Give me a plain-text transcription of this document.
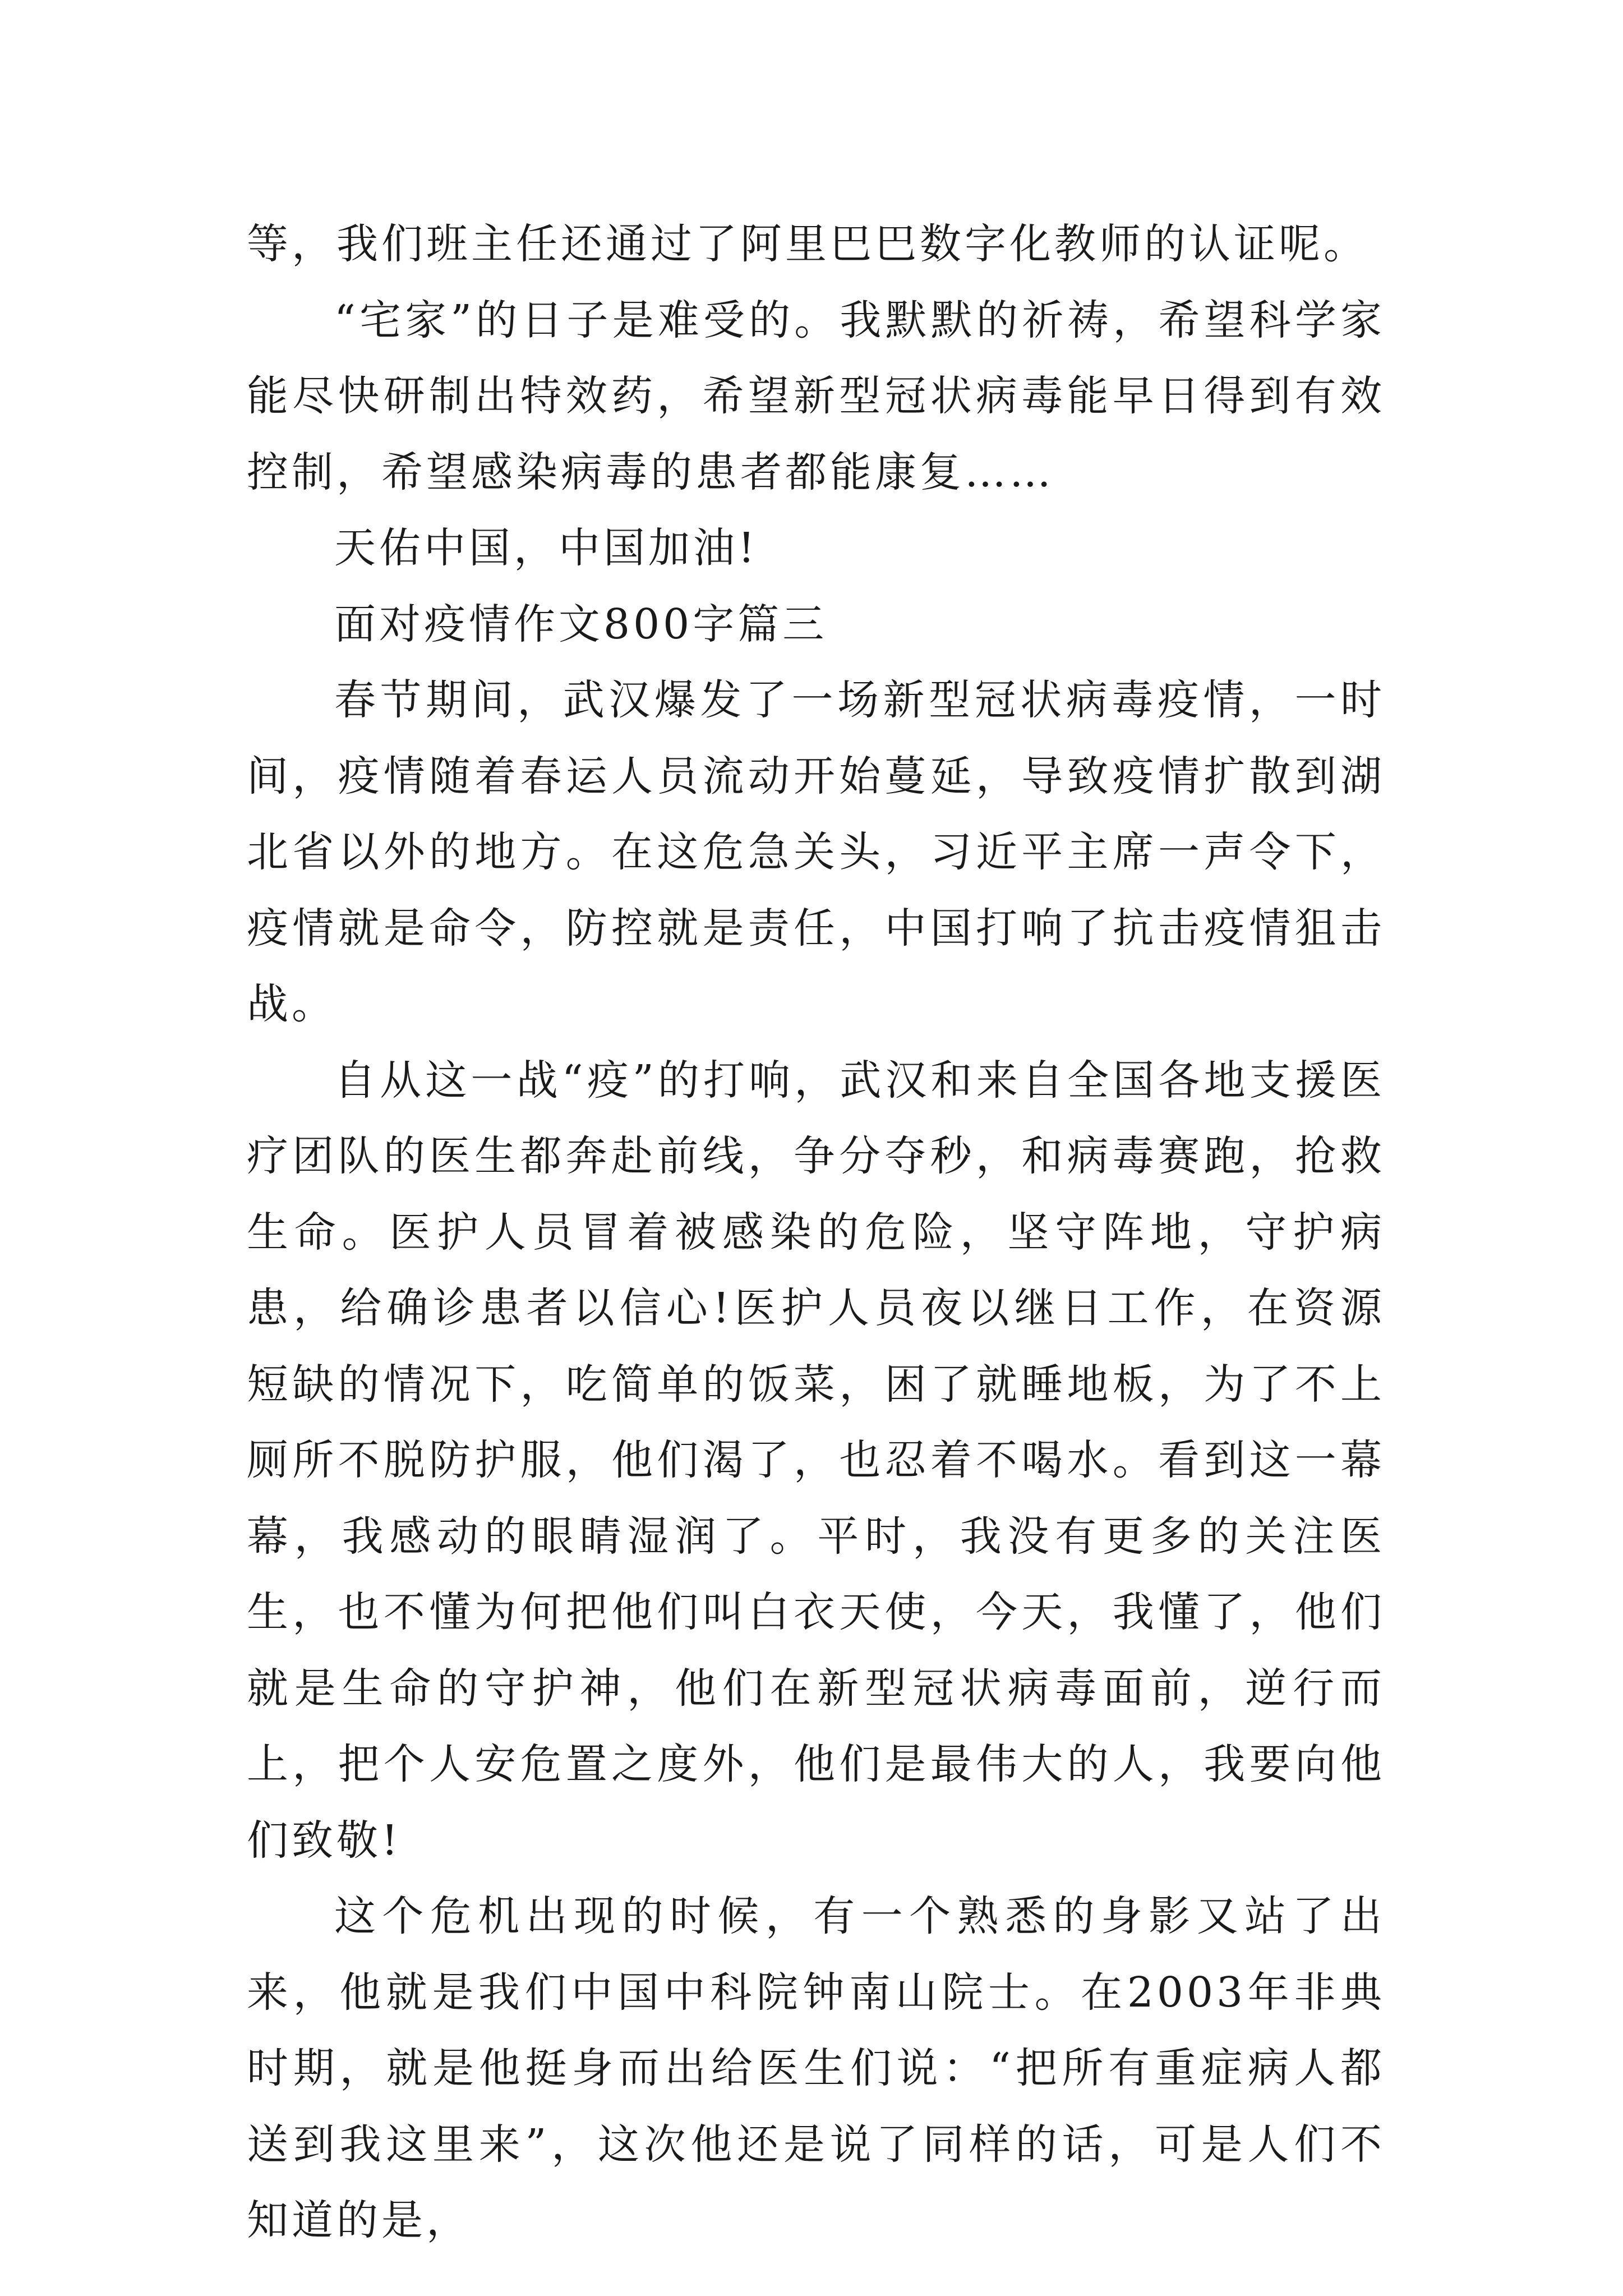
等，我们班主任还通过了阿里巴巴数字化教师的认证呢。

“宅家”的日子是难受的。我默默的祈祷，希望科学家能尽快研制出特效药，希望新型冠状病毒能早日得到有效控制，希望感染病毒的患者都能康复……

天佑中国，中国加油!

面对疫情作文800字篇三

春节期间，武汉爆发了一场新型冠状病毒疫情，一时间，疫情随着春运人员流动开始蔓延，导致疫情扩散到湖北省以外的地方。在这危急关头，习近平主席一声令下，疫情就是命令，防控就是责任，中国打响了抗击疫情狙击战。

自从这一战“疫”的打响，武汉和来自全国各地支援医疗团队的医生都奔赴前线，争分夺秒，和病毒赛跑，抢救生命。医护人员冒着被感染的危险，坚守阵地，守护病患，给确诊患者以信心!医护人员夜以继日工作，在资源短缺的情况下，吃简单的饭菜，困了就睡地板，为了不上厕所不脱防护服，他们渴了，也忍着不喝水。看到这一幕幕，我感动的眼睛湿润了。平时，我没有更多的关注医生，也不懂为何把他们叫白衣天使，今天，我懂了，他们就是生命的守护神，他们在新型冠状病毒面前，逆行而上，把个人安危置之度外，他们是最伟大的人，我要向他们致敬!

这个危机出现的时候，有一个熟悉的身影又站了出来，他就是我们中国中科院钟南山院士。在2003年非典时期，就是他挺身而出给医生们说：“把所有重症病人都送到我这里来”，这次他还是说了同样的话，可是人们不知道的是，
